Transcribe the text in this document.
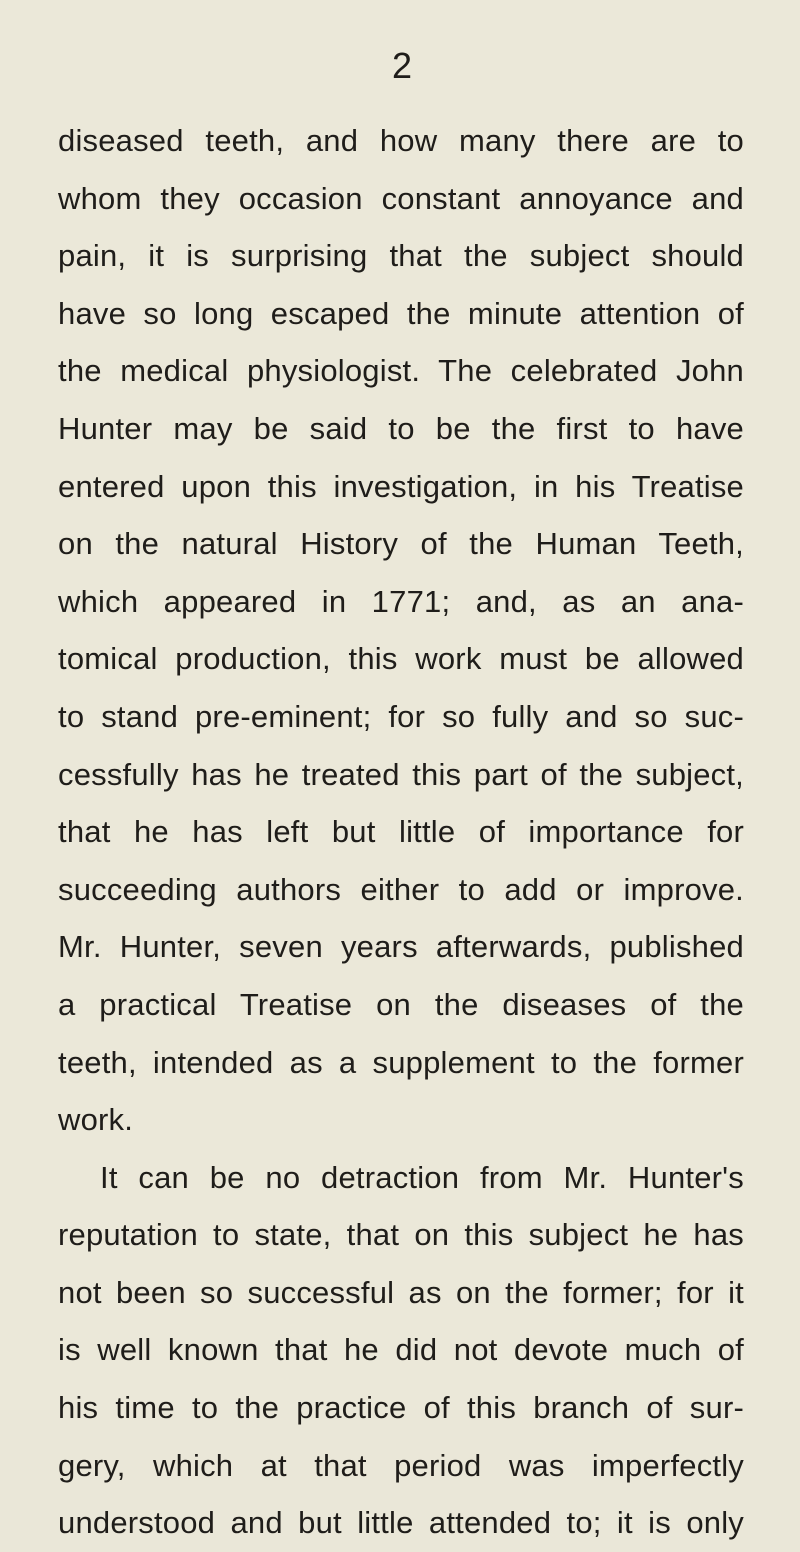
2
diseased teeth, and how many there are to
whom they occasion constant annoyance and
pain, it is surprising that the subject should
have so long escaped the minute attention of
the medical physiologist. The celebrated John
Hunter may be said to be the first to have
entered upon this investigation, in his Treatise
on the natural History of the Human Teeth,
which appeared in 1771; and, as an ana-
tomical production, this work must be allowed
to stand pre-eminent; for so fully and so suc-
cessfully has he treated this part of the subject,
that he has left but little of importance for
succeeding authors either to add or improve.
Mr. Hunter, seven years afterwards, published
a practical Treatise on the diseases of the
teeth, intended as a supplement to the former
work.
It can be no detraction from Mr. Hunter's
reputation to state, that on this subject he has
not been so successful as on the former; for it
is well known that he did not devote much of
his time to the practice of this branch of sur-
gery, which at that period was imperfectly
understood and but little attended to; it is only
